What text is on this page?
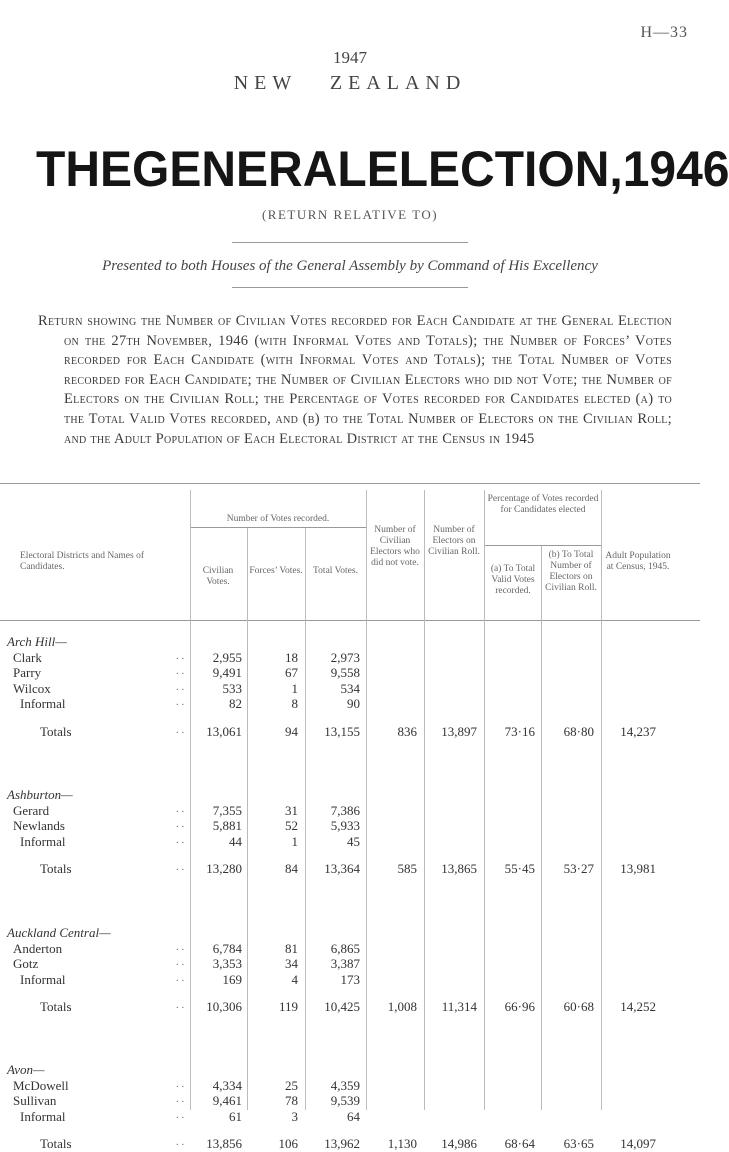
H—33
1947
NEW ZEALAND
THE GENERAL ELECTION, 1946
(RETURN RELATIVE TO)
Presented to both Houses of the General Assembly by Command of His Excellency

Return showing the Number of Civilian Votes recorded for Each Candidate at the General Election on the 27th November, 1946 (with Informal Votes and Totals); the Number of Forces’ Votes recorded for Each Candidate (with Informal Votes and Totals); the Total Number of Votes recorded for Each Candidate; the Number of Civilian Electors who did not Vote; the Number of Electors on the Civilian Roll; the Percentage of Votes recorded for Candidates elected (a) to the Total Valid Votes recorded, and (b) to the Total Number of Electors on the Civilian Roll; and the Adult Population of Each Electoral District at the Census in 1945

Electoral Districts and Names of Candidates.
Number of Votes recorded.
Civilian Votes.
Forces’ Votes.	Total Votes.
Number of Civilian Electors who did not vote.
Number of Electors on Civilian Roll.
Percentage of Votes recorded for Candidates elected
(a) To Total Valid Votes recorded.
(b) To Total Number of Electors on Civilian Roll.
Adult Population at Census, 1945.
Arch Hill—
Clark	. .	2,955	18	2,973
Parry	. .	9,491	67	9,558
Wilcox	. .	533	1	534
Informal	. .	82	8	90
Totals	. .	13,061	94	13,155	836	13,897	73·16	68·80	14,237
Ashburton—
Gerard	. .	7,355	31	7,386
Newlands	. .	5,881	52	5,933
Informal	. .	44	1	45
Totals	. .	13,280	84	13,364	585	13,865	55·45	53·27	13,981
Auckland Central—
Anderton	. .	6,784	81	6,865
Gotz	. .	3,353	34	3,387
Informal	. .	169	4	173
Totals	. .	10,306	119	10,425	1,008	11,314	66·96	60·68	14,252
Avon—
McDowell	. .	4,334	25	4,359
Sullivan	. .	9,461	78	9,539
Informal	. .	61	3	64
Totals	. .	13,856	106	13,962	1,130	14,986	68·64	63·65	14,097
